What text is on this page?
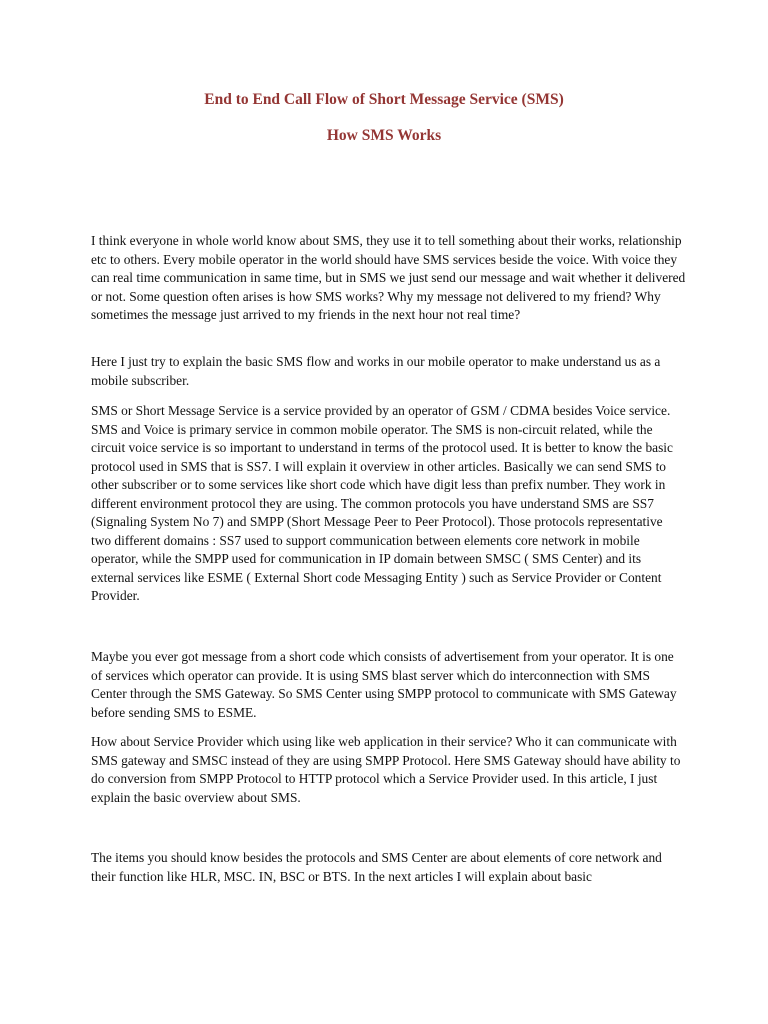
End to End Call Flow of Short Message Service (SMS)
How SMS Works

I think everyone in whole world know about SMS, they use it to tell something about their works, relationship etc to others. Every mobile operator in the world should have SMS services beside the voice. With voice they can real time communication in same time, but in SMS we just send our message and wait whether it delivered or not. Some question often arises is how SMS works? Why my message not delivered to my friend? Why sometimes the message just arrived to my friends in the next hour not real time?

Here I just try to explain the basic SMS flow and works in our mobile operator to make understand us as a mobile subscriber.

SMS or Short Message Service is a service provided by an operator of GSM / CDMA besides Voice service. SMS and Voice is primary service in common mobile operator. The SMS is non-circuit related, while the circuit voice service is so important to understand in terms of the protocol used. It is better to know the basic protocol used in SMS that is SS7. I will explain it overview in other articles. Basically we can send SMS to other subscriber or to some services like short code which have digit less than prefix number. They work in different environment protocol they are using. The common protocols you have understand SMS are SS7 (Signaling System No 7) and SMPP (Short Message Peer to Peer Protocol). Those protocols representative two different domains : SS7 used to support communication between elements core network in mobile operator, while the SMPP used for communication in IP domain between SMSC ( SMS Center) and its external services like ESME ( External Short code Messaging Entity ) such as Service Provider or Content Provider.

Maybe you ever got message from a short code which consists of advertisement from your operator. It is one of services which operator can provide. It is using SMS blast server which do interconnection with SMS Center through the SMS Gateway. So SMS Center using SMPP protocol to communicate with SMS Gateway before sending SMS to ESME.

How about Service Provider which using like web application in their service? Who it can communicate with SMS gateway and SMSC instead of they are using SMPP Protocol. Here SMS Gateway should have ability to do conversion from SMPP Protocol to HTTP protocol which a Service Provider used. In this article, I just explain the basic overview about SMS.

The items you should know besides the protocols and SMS Center are about elements of core network and their function like HLR, MSC. IN, BSC or BTS. In the next articles I will explain about basic
